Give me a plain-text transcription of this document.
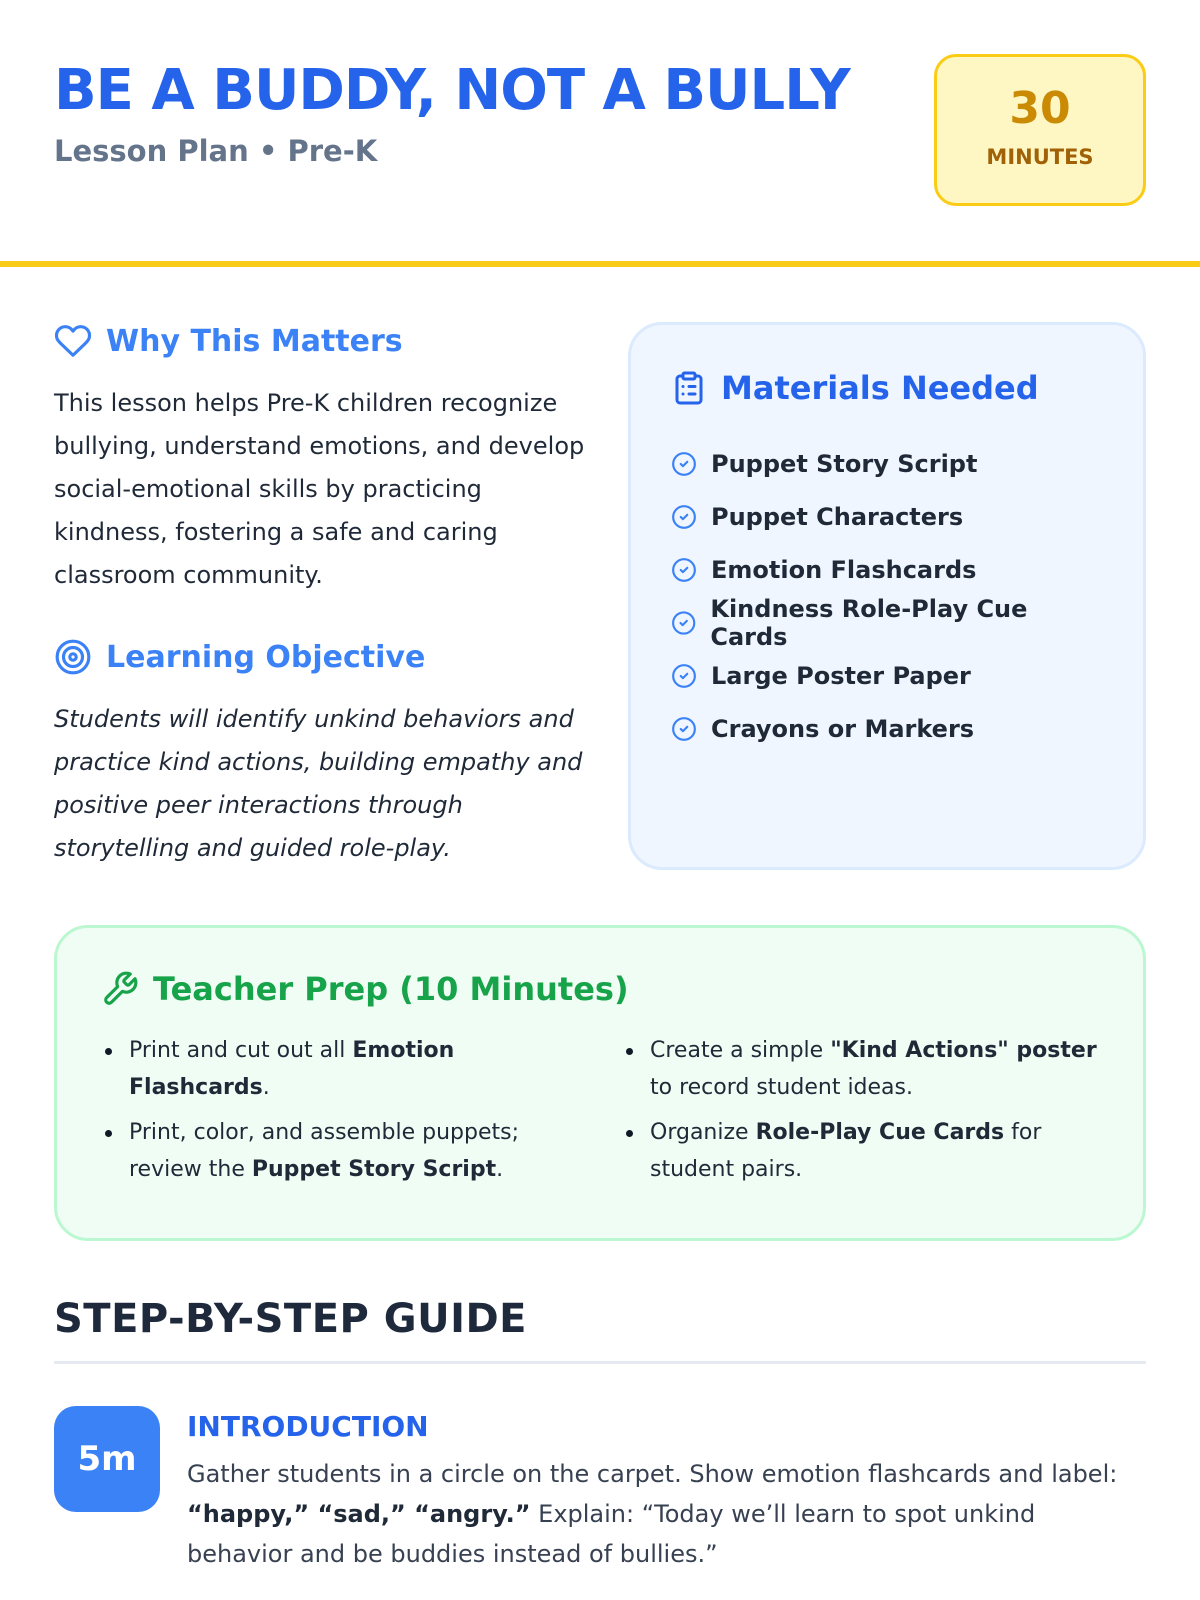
BE A BUDDY, NOT A BULLY
Lesson Plan • Pre-K
30
MINUTES
Why This Matters

This lesson helps Pre-K children recognize bullying, understand emotions, and develop social-emotional skills by practicing kindness, fostering a safe and caring classroom community.

Learning Objective

Students will identify unkind behaviors and practice kind actions, building empathy and positive peer interactions through storytelling and guided role-play.

Materials Needed
Puppet Story Script
Puppet Characters
Emotion Flashcards
Kindness Role-Play Cue Cards
Large Poster Paper
Crayons or Markers
Teacher Prep (10 Minutes)
Print and cut out all Emotion Flashcards.
Print, color, and assemble puppets; review the Puppet Story Script.
Create a simple "Kind Actions" poster to record student ideas.
Organize Role-Play Cue Cards for student pairs.
STEP-BY-STEP GUIDE
5m
INTRODUCTION
Gather students in a circle on the carpet. Show emotion flashcards and label: “happy,” “sad,” “angry.” Explain: “Today we’ll learn to spot unkind behavior and be buddies instead of bullies.”
